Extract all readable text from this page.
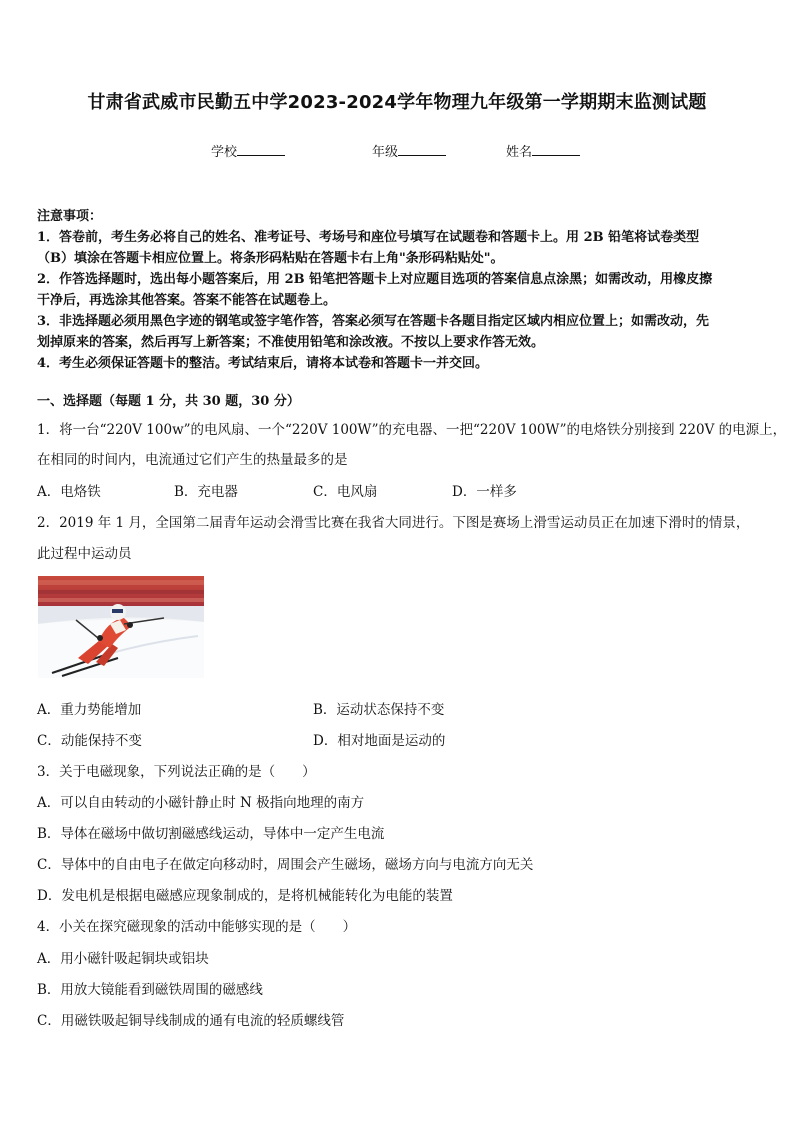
甘肃省武威市民勤五中学2023-2024学年物理九年级第一学期期末监测试题
学校	年级	姓名
注意事项：
1．答卷前，考生务必将自己的姓名、准考证号、考场号和座位号填写在试题卷和答题卡上。用 2B 铅笔将试卷类型
（B）填涂在答题卡相应位置上。将条形码粘贴在答题卡右上角"条形码粘贴处"。
2．作答选择题时，选出每小题答案后，用 2B 铅笔把答题卡上对应题目选项的答案信息点涂黑；如需改动，用橡皮擦
干净后，再选涂其他答案。答案不能答在试题卷上。
3．非选择题必须用黑色字迹的钢笔或签字笔作答，答案必须写在答题卡各题目指定区域内相应位置上；如需改动，先
划掉原来的答案，然后再写上新答案；不准使用铅笔和涂改液。不按以上要求作答无效。
4．考生必须保证答题卡的整洁。考试结束后，请将本试卷和答题卡一并交回。
一、选择题（每题 1 分，共 30 题，30 分）
1．将一台“220V 100w”的电风扇、一个“220V 100W”的充电器、一把“220V 100W”的电烙铁分别接到 220V 的电源上，
在相同的时间内，电流通过它们产生的热量最多的是
A．电烙铁	B．充电器	C．电风扇	D．一样多
2．2019 年 1 月，全国第二届青年运动会滑雪比赛在我省大同进行。下图是赛场上滑雪运动员正在加速下滑时的情景，
此过程中运动员
A．重力势能增加	B．运动状态保持不变
C．动能保持不变	D．相对地面是运动的
3．关于电磁现象，下列说法正确的是（　　）
A．可以自由转动的小磁针静止时 N 极指向地理的南方
B．导体在磁场中做切割磁感线运动，导体中一定产生电流
C．导体中的自由电子在做定向移动时，周围会产生磁场，磁场方向与电流方向无关
D．发电机是根据电磁感应现象制成的，是将机械能转化为电能的装置
4．小关在探究磁现象的活动中能够实现的是（　　）
A．用小磁针吸起铜块或铝块
B．用放大镜能看到磁铁周围的磁感线
C．用磁铁吸起铜导线制成的通有电流的轻质螺线管
